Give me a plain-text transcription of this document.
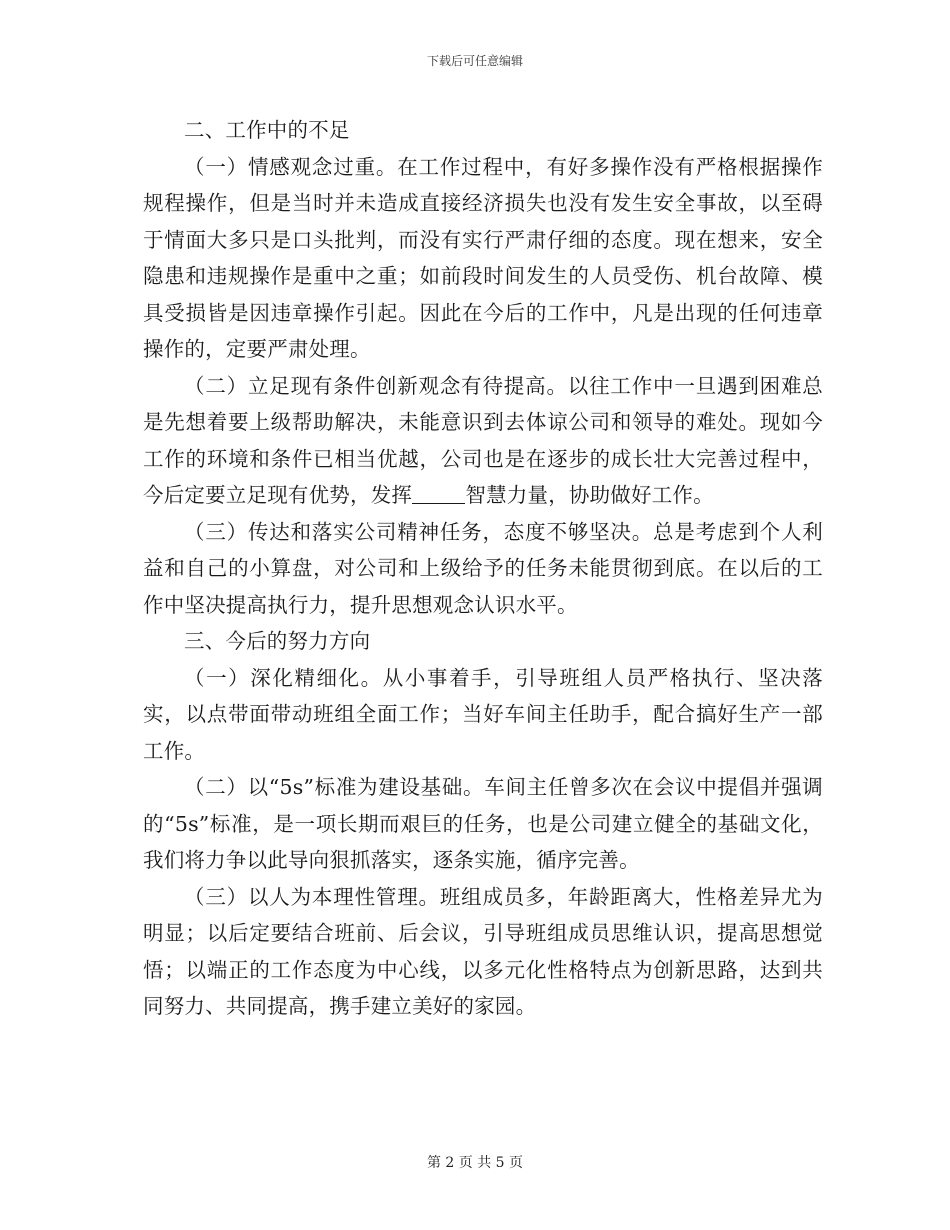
下载后可任意编辑

二、工作中的不足

（一）情感观念过重。在工作过程中，有好多操作没有严格根据操作规程操作，但是当时并未造成直接经济损失也没有发生安全事故，以至碍于情面大多只是口头批判，而没有实行严肃仔细的态度。现在想来，安全隐患和违规操作是重中之重；如前段时间发生的人员受伤、机台故障、模具受损皆是因违章操作引起。因此在今后的工作中，凡是出现的任何违章操作的，定要严肃处理。

（二）立足现有条件创新观念有待提高。以往工作中一旦遇到困难总是先想着要上级帮助解决，未能意识到去体谅公司和领导的难处。现如今工作的环境和条件已相当优越，公司也是在逐步的成长壮大完善过程中，今后定要立足现有优势，发挥	智慧力量，协助做好工作。

（三）传达和落实公司精神任务，态度不够坚决。总是考虑到个人利益和自己的小算盘，对公司和上级给予的任务未能贯彻到底。在以后的工作中坚决提高执行力，提升思想观念认识水平。

三、今后的努力方向

（一）深化精细化。从小事着手，引导班组人员严格执行、坚决落实，以点带面带动班组全面工作；当好车间主任助手，配合搞好生产一部工作。

（二）以“5s”标准为建设基础。车间主任曾多次在会议中提倡并强调的“5s”标准，是一项长期而艰巨的任务，也是公司建立健全的基础文化，我们将力争以此导向狠抓落实，逐条实施，循序完善。

（三）以人为本理性管理。班组成员多，年龄距离大，性格差异尤为明显；以后定要结合班前、后会议，引导班组成员思维认识，提高思想觉悟；以端正的工作态度为中心线，以多元化性格特点为创新思路，达到共同努力、共同提高，携手建立美好的家园。

第 2 页 共 5 页
